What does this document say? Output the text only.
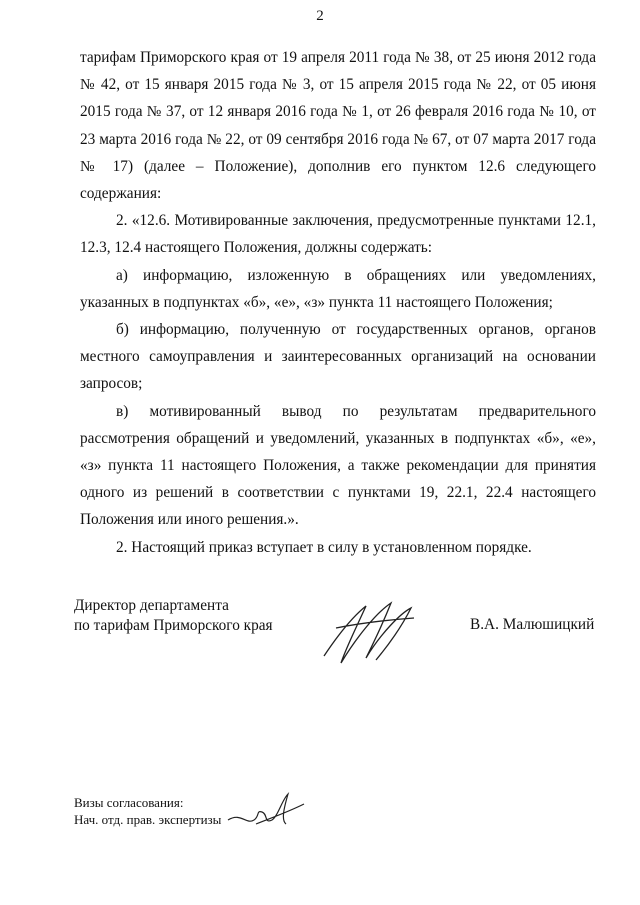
2

тарифам Приморского края от 19 апреля 2011 года № 38, от 25 июня 2012 года № 42, от 15 января 2015 года № 3, от 15 апреля 2015 года № 22, от 05 июня 2015 года № 37, от 12 января 2016 года № 1, от 26 февраля 2016 года № 10, от 23 марта 2016 года № 22, от 09 сентября 2016 года № 67, от 07 марта 2017 года № 17) (далее – Положение), дополнив его пунктом 12.6 следующего содержания:

2. «12.6. Мотивированные заключения, предусмотренные пунктами 12.1, 12.3, 12.4 настоящего Положения, должны содержать:

а) информацию, изложенную в обращениях или уведомлениях, указанных в подпунктах «б», «е», «з» пункта 11 настоящего Положения;

б) информацию, полученную от государственных органов, органов местного самоуправления и заинтересованных организаций на основании запросов;

в) мотивированный вывод по результатам предварительного рассмотрения обращений и уведомлений, указанных в подпунктах «б», «е», «з» пункта 11 настоящего Положения, а также рекомендации для принятия одного из решений в соответствии с пунктами 19, 22.1, 22.4 настоящего Положения или иного решения.».

2. Настоящий приказ вступает в силу в установленном порядке.

Директор департамента
по тарифам Приморского края	В.А. Малюшицкий
Визы согласования:
Нач. отд. прав. экспертизы
